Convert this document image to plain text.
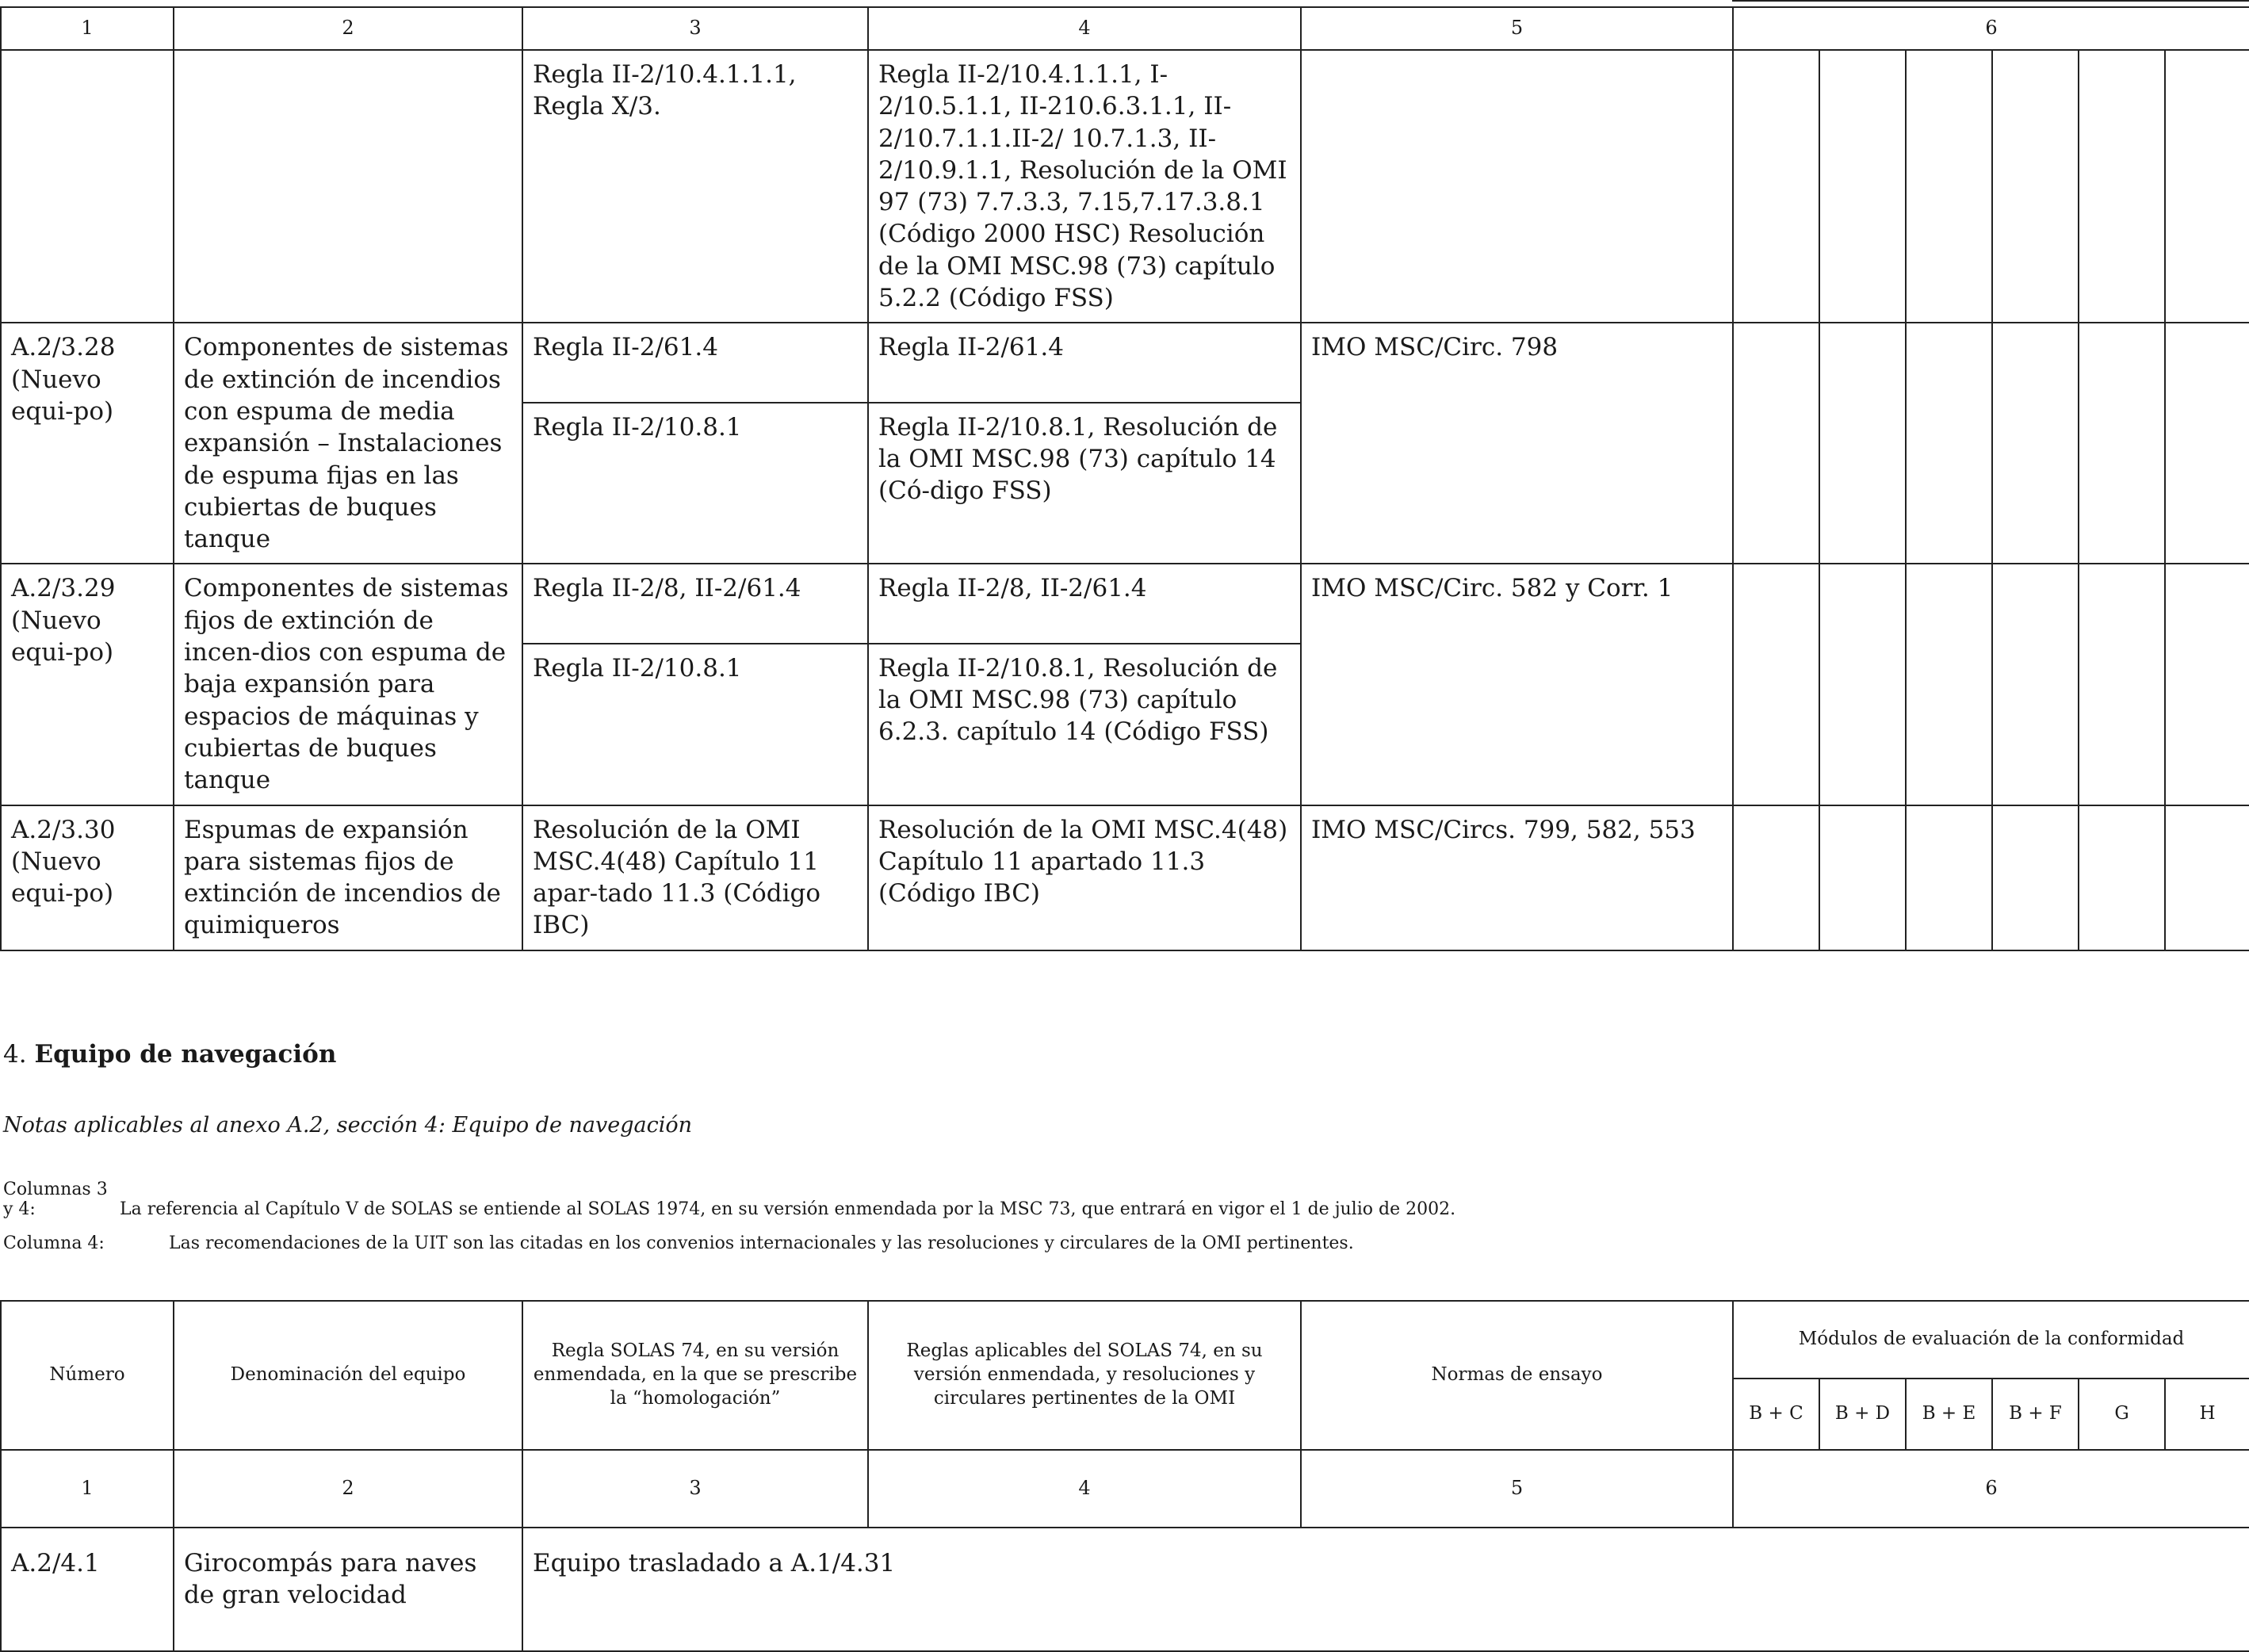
1	2	3	4	5	6					
		Regla II-2/10.4.1.1.1, Regla X/3.	Regla II-2/10.4.1.1.1, I-2/10.5.1.1, II-210.6.3.1.1, II-2/10.7.1.1.II-2/ 10.7.1.3, II-2/10.9.1.1, Resolución de la OMI 97 (73) 7.7.3.3, 7.15,7.17.3.8.1 (Código 2000 HSC) Resolución de la OMI MSC.98 (73) capítulo 5.2.2 (Código FSS)							
A.2/3.28 (Nuevo equi-po)	Componentes de sistemas de extinción de incendios con espuma de media expansión – Instalaciones de espuma fijas en las cubiertas de buques tanque	Regla II-2/61.4	Regla II-2/61.4	IMO MSC/Circ. 798						
		Regla II-2/10.8.1	Regla II-2/10.8.1, Resolución de la OMI MSC.98 (73) capítulo 14 (Có-digo FSS)							
A.2/3.29 (Nuevo equi-po)	Componentes de sistemas fijos de extinción de incen-dios con espuma de baja expansión para espacios de máquinas y cubiertas de buques tanque	Regla II-2/8, II-2/61.4	Regla II-2/8, II-2/61.4	IMO MSC/Circ. 582 y Corr. 1						
		Regla II-2/10.8.1	Regla II-2/10.8.1, Resolución de la OMI MSC.98 (73) capítulo 6.2.3. capítulo 14 (Código FSS)							
A.2/3.30 (Nuevo equi-po)	Espumas de expansión para sistemas fijos de extinción de incendios de quimiqueros	Resolución de la OMI MSC.4(48) Capítulo 11 apar-tado 11.3 (Código IBC)	Resolución de la OMI MSC.4(48) Capítulo 11 apartado 11.3 (Código IBC)	IMO MSC/Circs. 799, 582, 553						
4. Equipo de navegación
Notas aplicables al anexo A.2, sección 4: Equipo de navegación
Columnas 3 y 4:	La referencia al Capítulo V de SOLAS se entiende al SOLAS 1974, en su versión enmendada por la MSC 73, que entrará en vigor el 1 de julio de 2002.
Columna 4:	Las recomendaciones de la UIT son las citadas en los convenios internacionales y las resoluciones y circulares de la OMI pertinentes.
Número	Denominación del equipo	Regla SOLAS 74, en su versión enmendada, en la que se prescribe la “homologación”	Reglas aplicables del SOLAS 74, en su versión enmendada, y resoluciones y circulares pertinentes de la OMI	Normas de ensayo	Módulos de evaluación de la conformidad					
					B + C	B + D	B + E	B + F	G	H
1	2	3	4	5	6					
A.2/4.1	Girocompás para naves de gran velocidad	Equipo trasladado a A.1/4.31								
